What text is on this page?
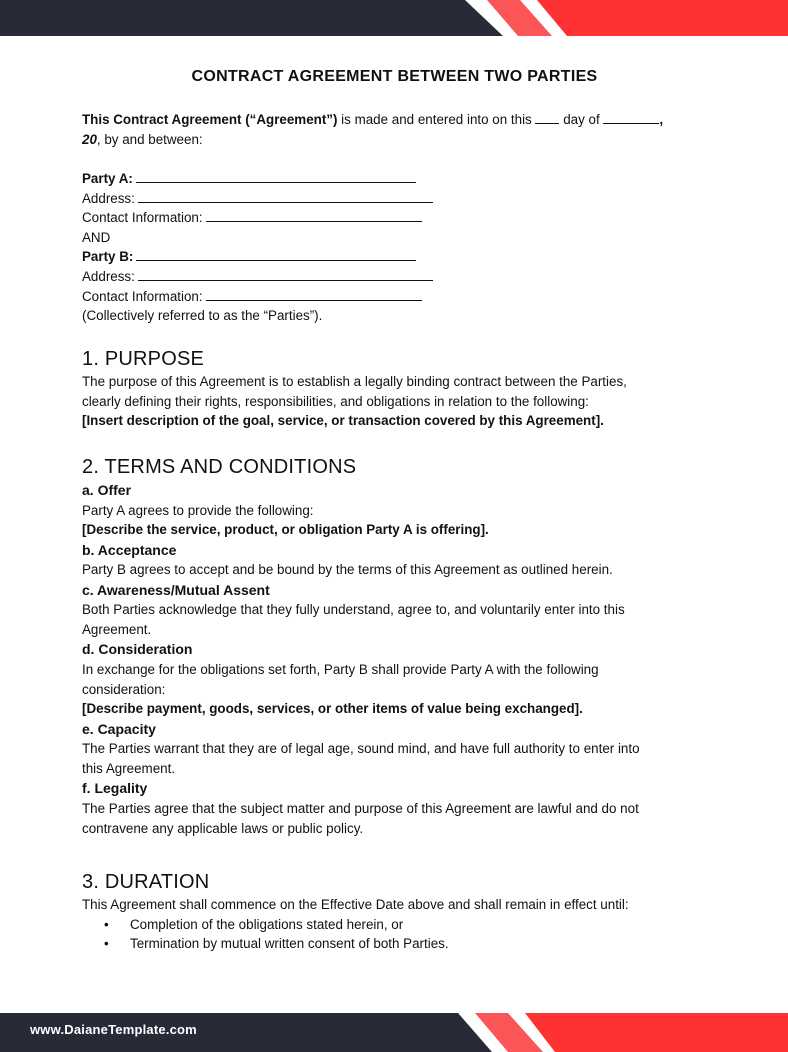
CONTRACT AGREEMENT BETWEEN TWO PARTIES
This Contract Agreement (“Agreement”) is made and entered into on this  day of	,
20, by and between:
Party A:
Address:
Contact Information:
AND
Party B:
Address:
Contact Information:
(Collectively referred to as the “Parties”).
1. PURPOSE
The purpose of this Agreement is to establish a legally binding contract between the Parties,
clearly defining their rights, responsibilities, and obligations in relation to the following:
[Insert description of the goal, service, or transaction covered by this Agreement].
2. TERMS AND CONDITIONS
a. Offer
Party A agrees to provide the following:
[Describe the service, product, or obligation Party A is offering].
b. Acceptance
Party B agrees to accept and be bound by the terms of this Agreement as outlined herein.
c. Awareness/Mutual Assent
Both Parties acknowledge that they fully understand, agree to, and voluntarily enter into this
Agreement.
d. Consideration
In exchange for the obligations set forth, Party B shall provide Party A with the following
consideration:
[Describe payment, goods, services, or other items of value being exchanged].
e. Capacity
The Parties warrant that they are of legal age, sound mind, and have full authority to enter into
this Agreement.
f. Legality
The Parties agree that the subject matter and purpose of this Agreement are lawful and do not
contravene any applicable laws or public policy.
3. DURATION
This Agreement shall commence on the Effective Date above and shall remain in effect until:
• Completion of the obligations stated herein, or
• Termination by mutual written consent of both Parties.
www.DaianeTemplate.com
